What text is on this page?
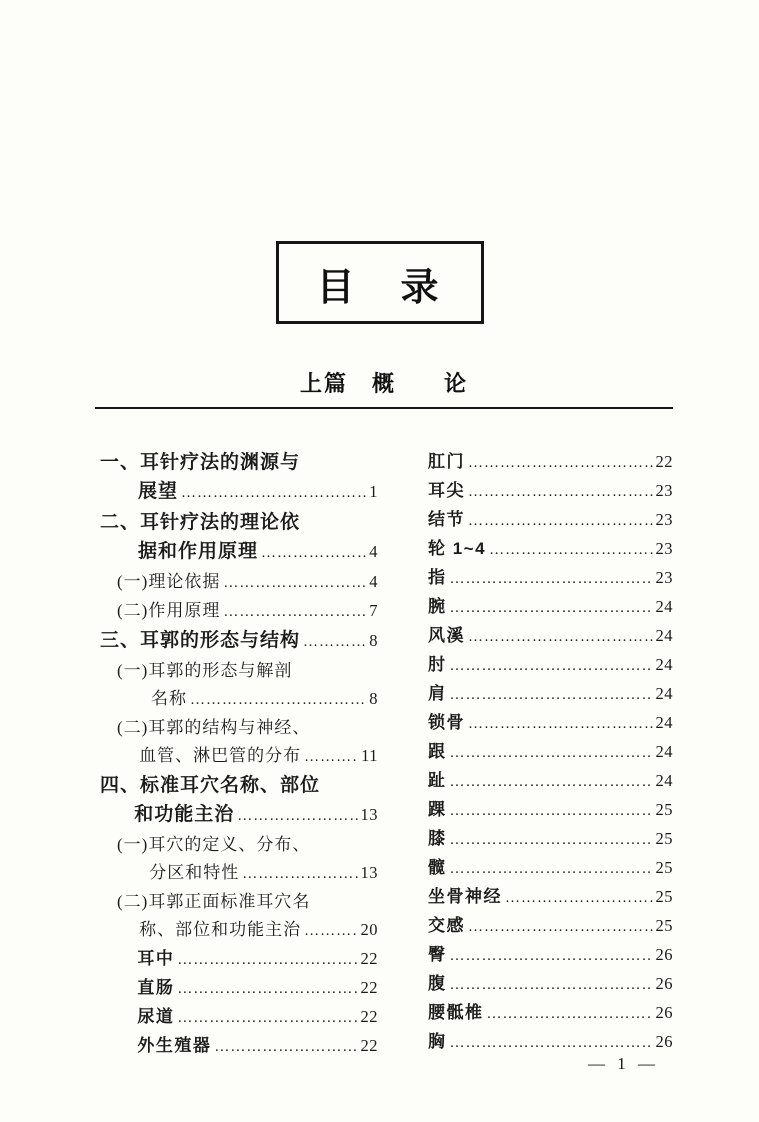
目　录
上篇　概　　论
一、耳针疗法的渊源与
展望 ……………………………………………………………………………………	1
二、耳针疗法的理论依
据和作用原理 ……………………………………………………………………………………	4
(一)理论依据 ……………………………………………………………………………………	4
(二)作用原理 ……………………………………………………………………………………	7
三、耳郭的形态与结构 ……………………………………………………………………………………	8
(一)耳郭的形态与解剖
名称 ……………………………………………………………………………………	8
(二)耳郭的结构与神经、
血管、淋巴管的分布 ……………………………………………………………………………………	11
四、标准耳穴名称、部位
和功能主治 ……………………………………………………………………………………	13
(一)耳穴的定义、分布、
分区和特性 ……………………………………………………………………………………	13
(二)耳郭正面标准耳穴名
称、部位和功能主治 ……………………………………………………………………………………	20
耳中 ……………………………………………………………………………………	22
直肠 ……………………………………………………………………………………	22
尿道 ……………………………………………………………………………………	22
外生殖器 ……………………………………………………………………………………	22
肛门 ……………………………………………………………………………………	22
耳尖 ……………………………………………………………………………………	23
结节 ……………………………………………………………………………………	23
轮 1~4 ……………………………………………………………………………………	23
指 ……………………………………………………………………………………	23
腕 ……………………………………………………………………………………	24
风溪 ……………………………………………………………………………………	24
肘 ……………………………………………………………………………………	24
肩 ……………………………………………………………………………………	24
锁骨 ……………………………………………………………………………………	24
跟 ……………………………………………………………………………………	24
趾 ……………………………………………………………………………………	24
踝 ……………………………………………………………………………………	25
膝 ……………………………………………………………………………………	25
髋 ……………………………………………………………………………………	25
坐骨神经 ……………………………………………………………………………………	25
交感 ……………………………………………………………………………………	25
臀 ……………………………………………………………………………………	26
腹 ……………………………………………………………………………………	26
腰骶椎 ……………………………………………………………………………………	26
胸 ……………………………………………………………………………………	26
— 1 —
